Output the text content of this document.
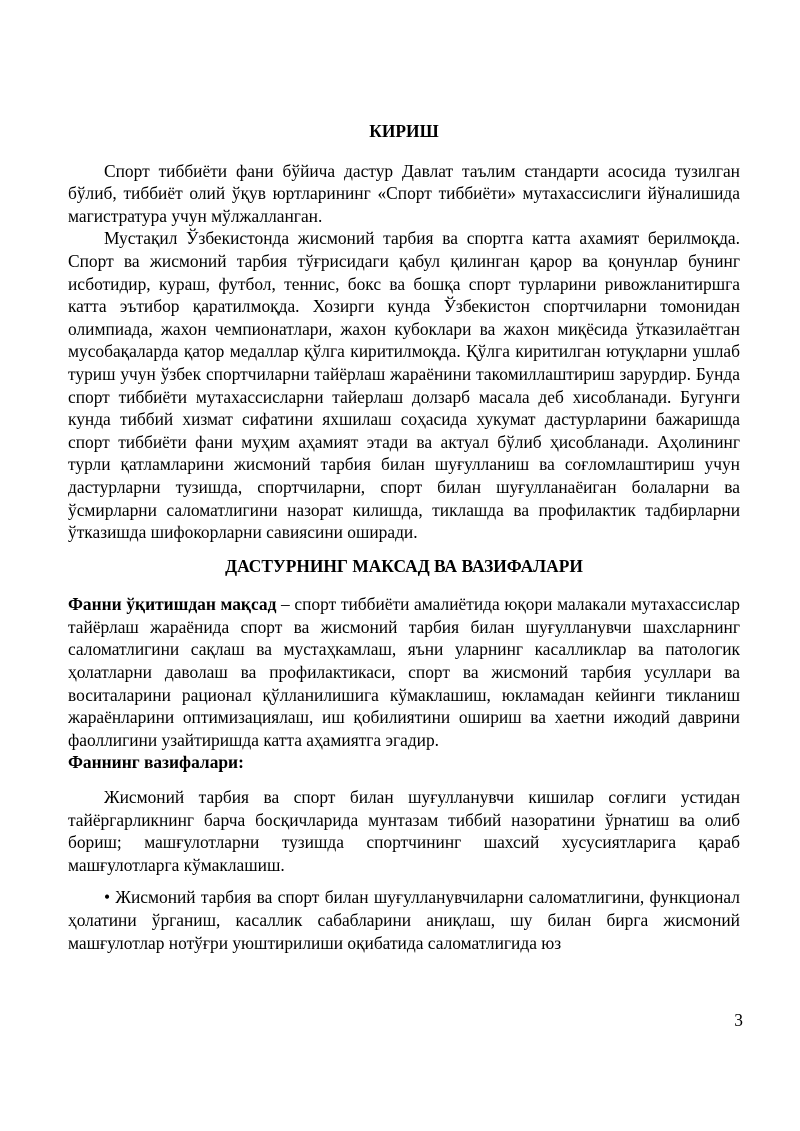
КИРИШ

Спорт тиббиёти фани бўйича дастур Давлат таълим стандарти асосида тузилган бўлиб, тиббиёт олий ўқув юртларининг «Спорт тиббиёти» мутахассислиги йўналишида магистратура учун мўлжалланган.

Мустақил Ўзбекистонда жисмоний тарбия ва спортга катта ахамият берилмоқда. Спорт ва жисмоний тарбия тўғрисидаги қабул қилинган қарор ва қонунлар бунинг исботидир, кураш, футбол, теннис, бокс ва бошқа спорт турларини ривожланитиршга катта эътибор қаратилмоқда. Хозирги кунда Ўзбекистон спортчиларни томонидан олимпиада, жахон чемпионатлари, жахон кубоклари ва жахон миқёсида ўтказилаётган мусобақаларда қатор медаллар қўлга киритилмоқда. Қўлга киритилган ютуқларни ушлаб туриш учун ўзбек спортчиларни тайёрлаш жараёнини такомиллаштириш зарурдир. Бунда спорт тиббиёти мутахассисларни тайерлаш долзарб масала деб хисобланади. Бугунги кунда тиббий хизмат сифатини яхшилаш соҳасида хукумат дастурларини бажаришда спорт тиббиёти фани муҳим аҳамият этади ва актуал бўлиб ҳисобланади. Аҳолининг турли қатламларини жисмоний тарбия билан шуғулланиш ва соғломлаштириш учун дастурларни тузишда, спортчиларни, спорт билан шуғулланаёиган болаларни ва ўсмирларни саломатлигини назорат килишда, тиклашда ва профилактик тадбирларни ўтказишда шифокорларни савиясини оширади.

ДАСТУРНИНГ МАКСАД ВА ВАЗИФАЛАРИ

Фанни ўқитишдан мақсад – спорт тиббиёти амалиётида юқори малакали мутахассислар тайёрлаш жараёнида спорт ва жисмоний тарбия билан шуғулланувчи шахсларнинг саломатлигини сақлаш ва мустаҳкамлаш, яъни уларнинг касалликлар ва патологик ҳолатларни даволаш ва профилактикаси, спорт ва жисмоний тарбия усуллари ва воситаларини рационал қўлланилишига кўмаклашиш, юкламадан кейинги тикланиш жараёнларини оптимизациялаш, иш қобилиятини ошириш ва хаетни ижодий даврини фаоллигини узайтиришда катта аҳамиятга эгадир.

Фаннинг вазифалари:

Жисмоний тарбия ва спорт билан шуғулланувчи кишилар соғлиги устидан тайёргарликнинг барча босқичларида мунтазам тиббий назоратини ўрнатиш ва олиб бориш; машғулотларни тузишда спортчининг шахсий хусусиятларига қараб машғулотларга кўмаклашиш.

• Жисмоний тарбия ва спорт билан шуғулланувчиларни саломатлигини, функционал ҳолатини ўрганиш, касаллик сабабларини аниқлаш, шу билан бирга жисмоний машғулотлар нотўғри уюштирилиши оқибатида саломатлигида юз

3
